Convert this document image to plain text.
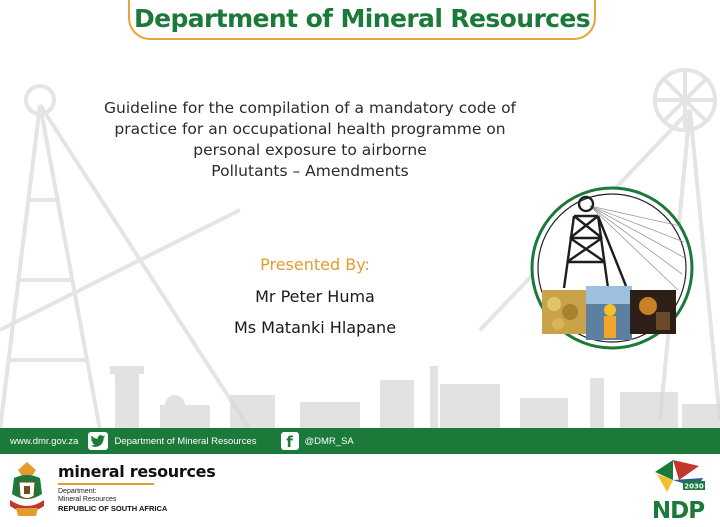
Department of Mineral Resources
Guideline for the compilation of a mandatory code of
practice for an occupational health programme on
personal exposure to airborne
Pollutants – Amendments
Presented By:
Mr Peter Huma
Ms Matanki Hlapane
www.dmr.gov.za	Department of Mineral Resources f @DMR_SA
mineral resources
Department:
Mineral Resources
REPUBLIC OF SOUTH AFRICA
2030
NDP
